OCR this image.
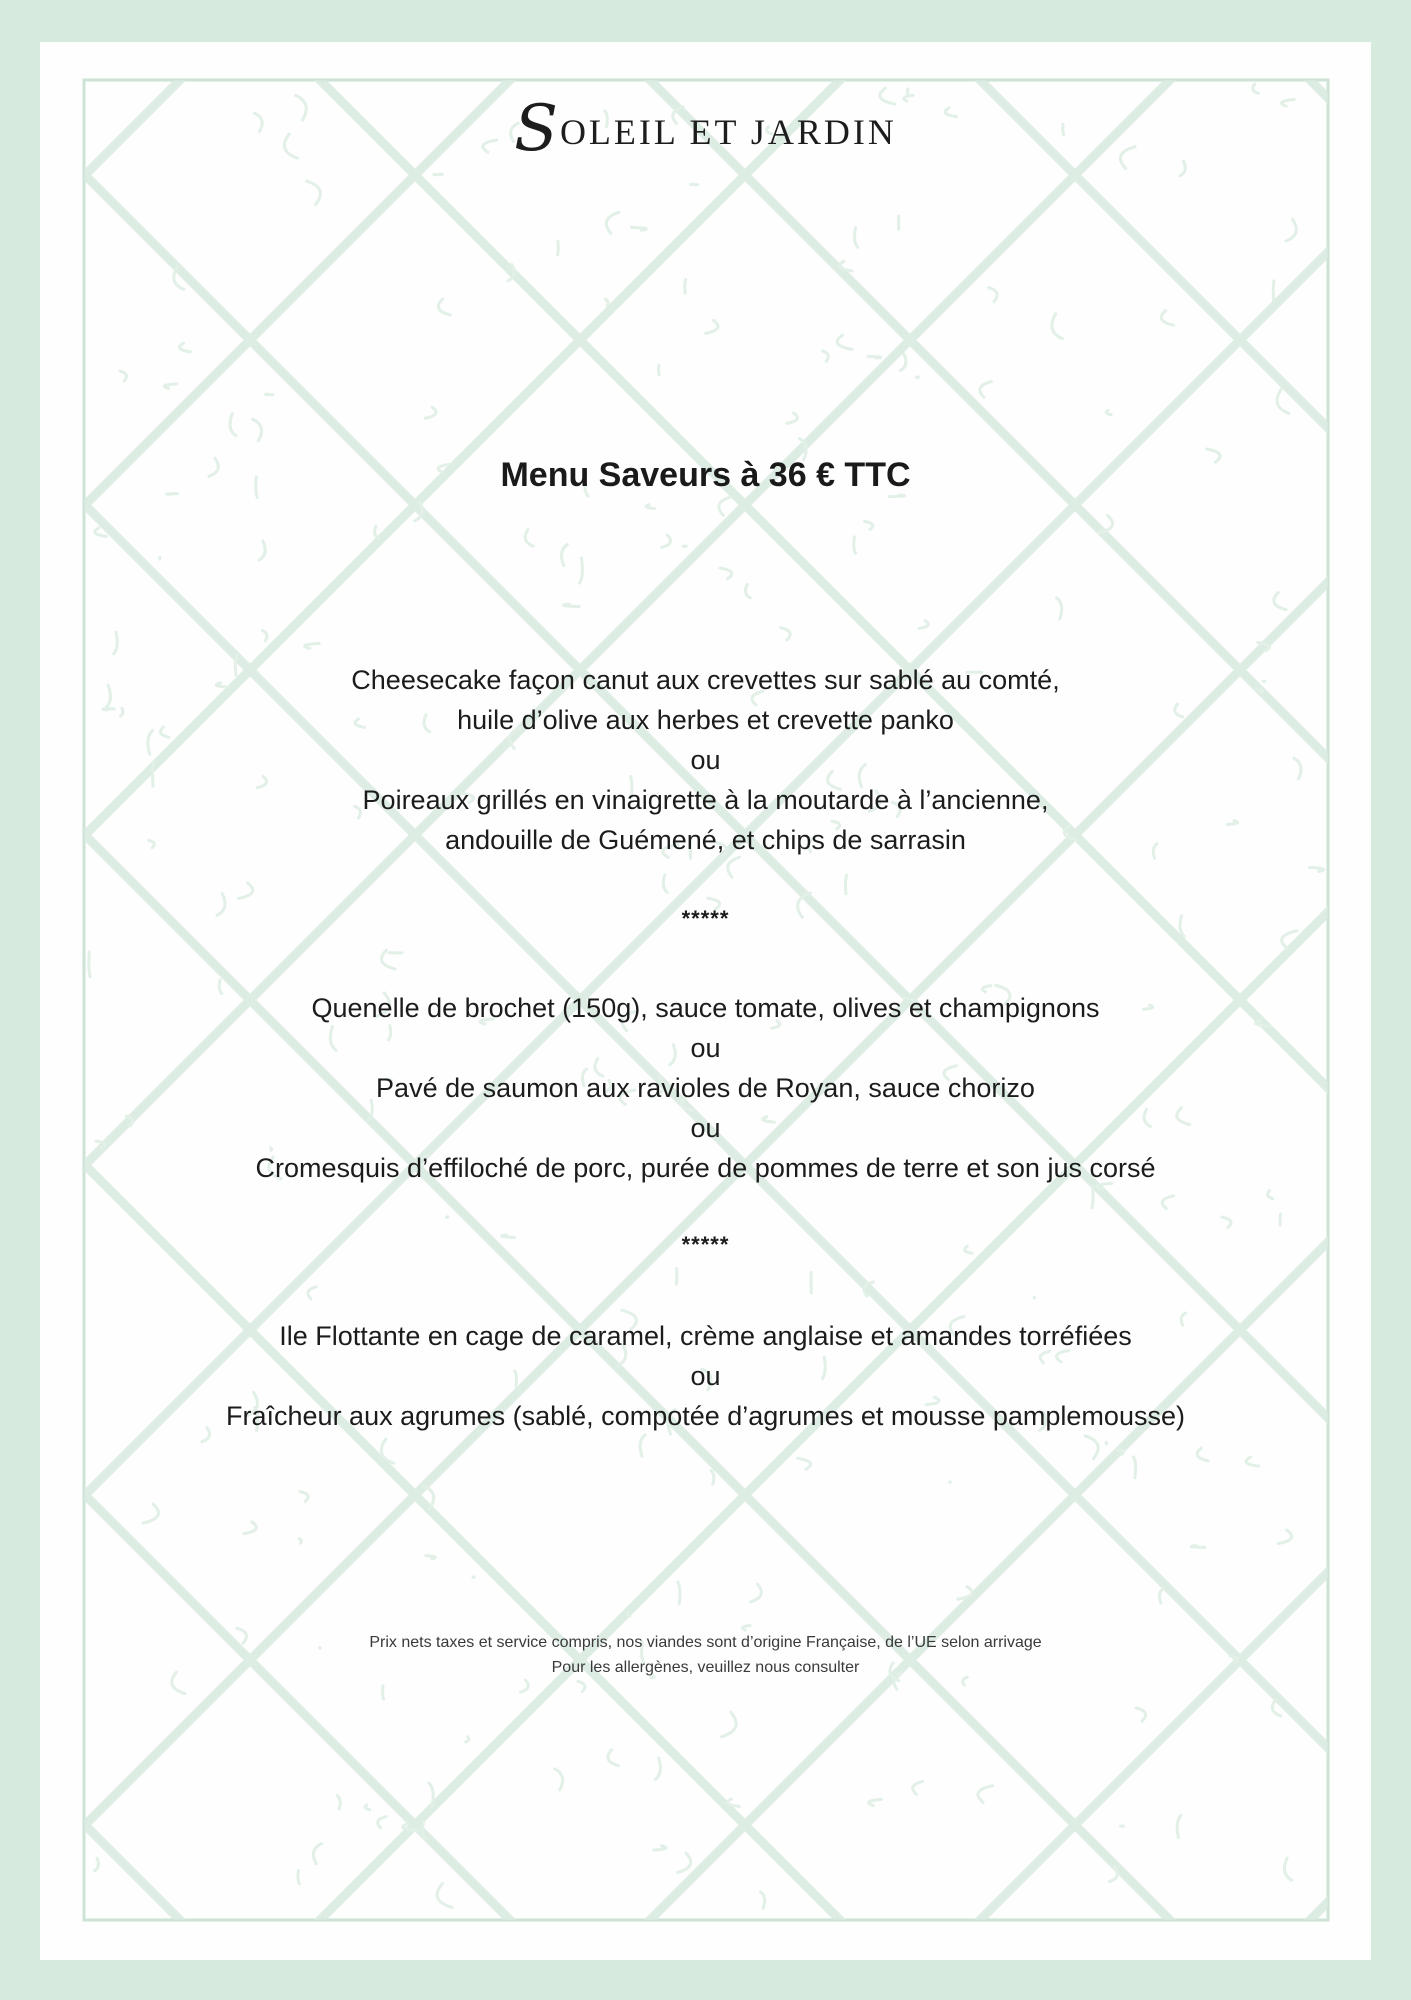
SOLEIL ET JARDIN
Menu Saveurs à 36 € TTC
Cheesecake façon canut aux crevettes sur sablé au comté,
huile d’olive aux herbes et crevette panko
ou
Poireaux grillés en vinaigrette à la moutarde à l’ancienne,
andouille de Guémené, et chips de sarrasin
*****
Quenelle de brochet (150g), sauce tomate, olives et champignons
ou
Pavé de saumon aux ravioles de Royan, sauce chorizo
ou
Cromesquis d’effiloché de porc, purée de pommes de terre et son jus corsé
*****
Ile Flottante en cage de caramel, crème anglaise et amandes torréfiées
ou
Fraîcheur aux agrumes (sablé, compotée d’agrumes et mousse pamplemousse)
Prix nets taxes et service compris, nos viandes sont d’origine Française, de l’UE selon arrivage
Pour les allergènes, veuillez nous consulter
